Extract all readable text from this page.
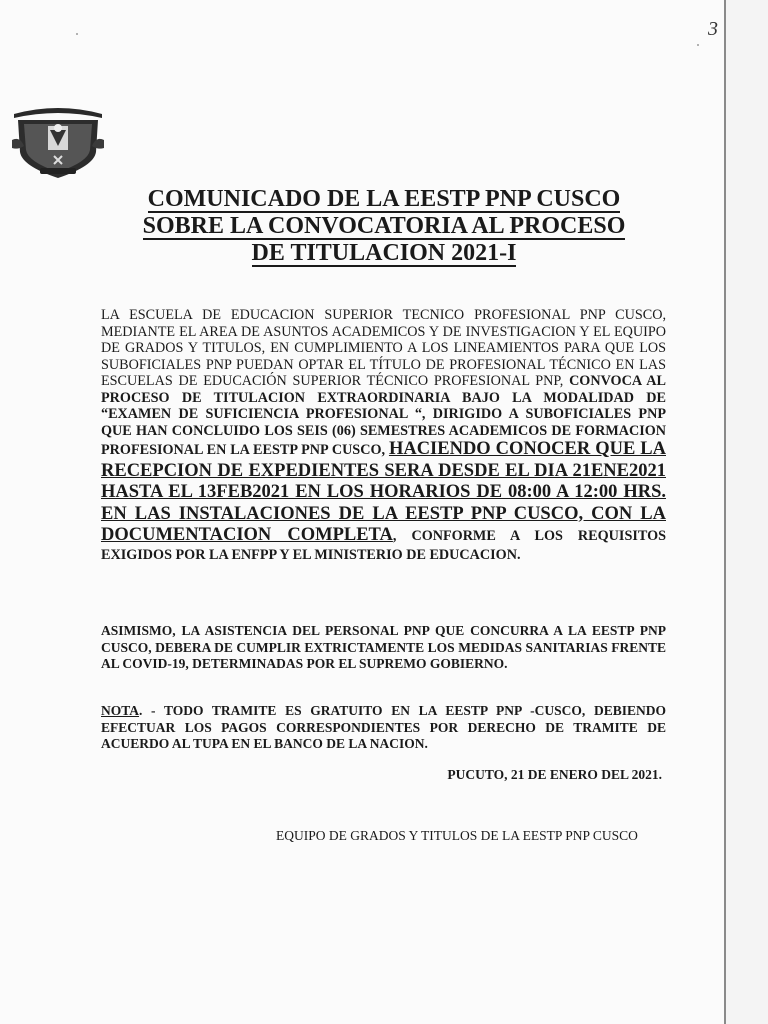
3
COMUNICADO DE LA EESTP PNP CUSCO
SOBRE LA CONVOCATORIA AL PROCESO
DE TITULACION 2021-I
LA ESCUELA DE EDUCACION SUPERIOR TECNICO PROFESIONAL PNP CUSCO, MEDIANTE EL AREA DE ASUNTOS ACADEMICOS Y DE INVESTIGACION Y EL EQUIPO DE GRADOS Y TITULOS, EN CUMPLIMIENTO A LOS LINEAMIENTOS PARA QUE LOS SUBOFICIALES PNP PUEDAN OPTAR EL TÍTULO DE PROFESIONAL TÉCNICO EN LAS ESCUELAS DE EDUCACIÓN SUPERIOR TÉCNICO PROFESIONAL PNP, CONVOCA AL PROCESO DE TITULACION EXTRAORDINARIA BAJO LA MODALIDAD DE “EXAMEN DE SUFICIENCIA PROFESIONAL “, DIRIGIDO A SUBOFICIALES PNP QUE HAN CONCLUIDO LOS SEIS (06) SEMESTRES ACADEMICOS DE FORMACION PROFESIONAL EN LA EESTP PNP CUSCO, HACIENDO CONOCER QUE LA RECEPCION DE EXPEDIENTES SERA DESDE EL DIA 21ENE2021 HASTA EL 13FEB2021 EN LOS HORARIOS DE 08:00 A 12:00 HRS. EN LAS INSTALACIONES DE LA EESTP PNP CUSCO, CON LA DOCUMENTACION COMPLETA, CONFORME A LOS REQUISITOS EXIGIDOS POR LA ENFPP Y EL MINISTERIO DE EDUCACION.
ASIMISMO, LA ASISTENCIA DEL PERSONAL PNP QUE CONCURRA A LA EESTP PNP CUSCO, DEBERA DE CUMPLIR EXTRICTAMENTE LOS MEDIDAS SANITARIAS FRENTE AL COVID-19, DETERMINADAS POR EL SUPREMO GOBIERNO.
NOTA. - TODO TRAMITE ES GRATUITO EN LA EESTP PNP -CUSCO, DEBIENDO EFECTUAR LOS PAGOS CORRESPONDIENTES POR DERECHO DE TRAMITE DE ACUERDO AL TUPA EN EL BANCO DE LA NACION.
PUCUTO, 21 DE ENERO DEL 2021.
EQUIPO DE GRADOS Y TITULOS DE LA EESTP PNP CUSCO
